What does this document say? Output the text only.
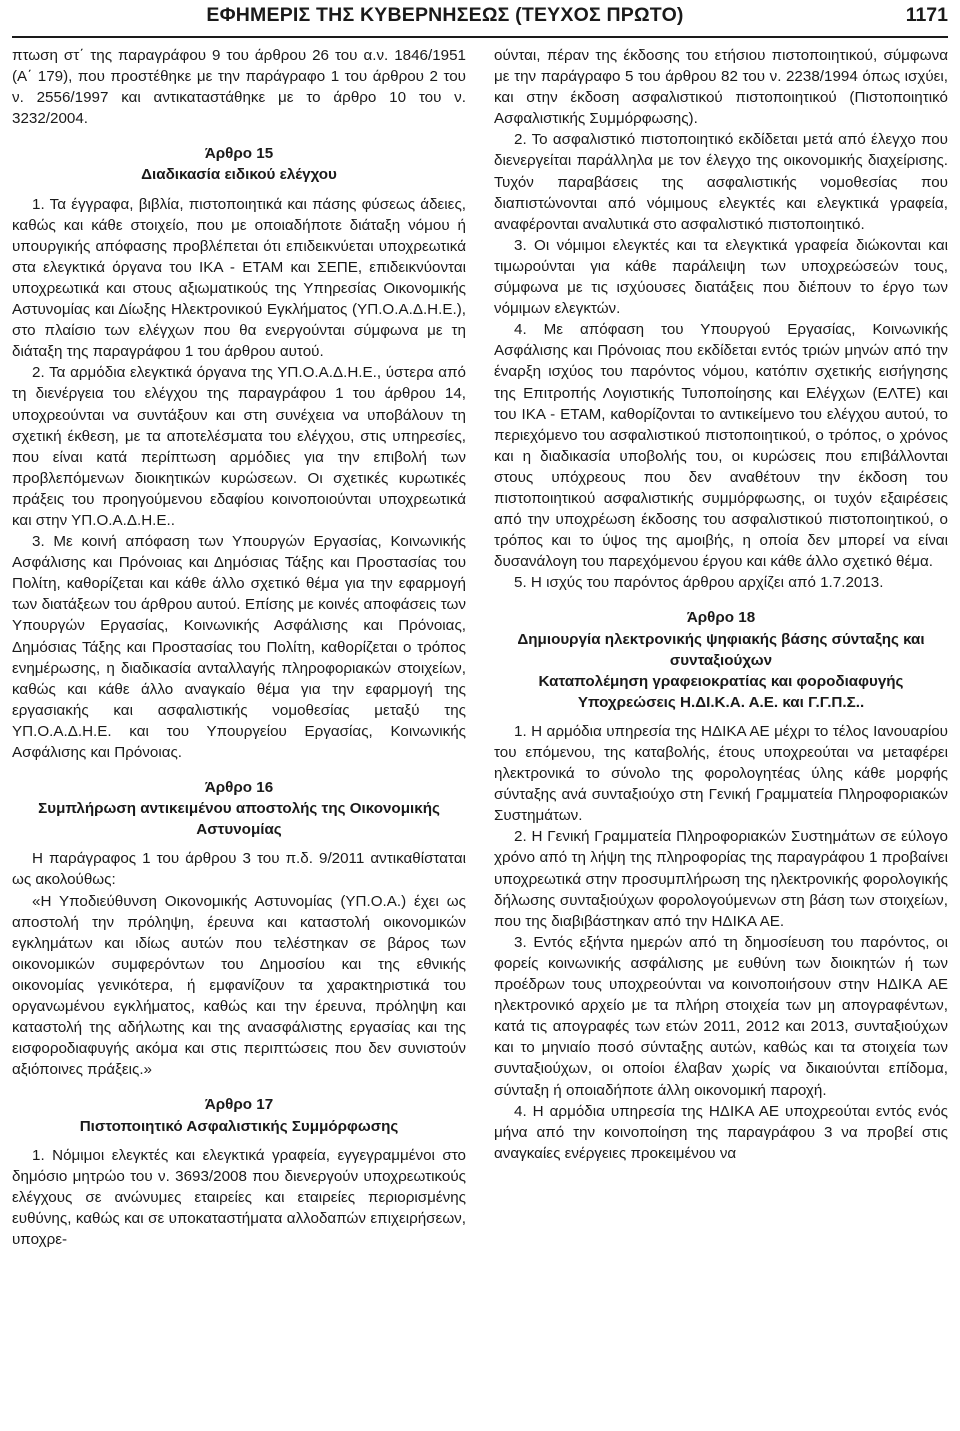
ΕΦΗΜΕΡΙΣ ΤΗΣ ΚΥΒΕΡΝΗΣΕΩΣ (ΤΕΥΧΟΣ ΠΡΩΤΟ)	1171

πτωση στ΄ της παραγράφου 9 του άρθρου 26 του α.ν. 1846/1951 (Α΄ 179), που προστέθηκε με την παράγραφο 1 του άρθρου 2 του ν. 2556/1997 και αντικαταστάθηκε με το άρθρο 10 του ν. 3232/2004.

Άρθρο 15
Διαδικασία ειδικού ελέγχου

1. Τα έγγραφα, βιβλία, πιστοποιητικά και πάσης φύσεως άδειες, καθώς και κάθε στοιχείο, που με οποιαδήποτε διάταξη νόμου ή υπουργικής απόφασης προβλέπεται ότι επιδεικνύεται υποχρεωτικά στα ελεγκτικά όργανα του ΙΚΑ - ΕΤΑΜ και ΣΕΠΕ, επιδεικνύονται υποχρεωτικά και στους αξιωματικούς της Υπηρεσίας Οικονομικής Αστυνομίας και Δίωξης Ηλεκτρονικού Εγκλήματος (ΥΠ.Ο.Α.Δ.Η.Ε.), στο πλαίσιο των ελέγχων που θα ενεργούνται σύμφωνα με τη διάταξη της παραγράφου 1 του άρθρου αυτού.

2. Τα αρμόδια ελεγκτικά όργανα της ΥΠ.Ο.Α.Δ.Η.Ε., ύστερα από τη διενέργεια του ελέγχου της παραγράφου 1 του άρθρου 14, υποχρεούνται να συντάξουν και στη συνέχεια να υποβάλουν τη σχετική έκθεση, με τα αποτελέσματα του ελέγχου, στις υπηρεσίες, που είναι κατά περίπτωση αρμόδιες για την επιβολή των προβλεπόμενων διοικητικών κυρώσεων. Οι σχετικές κυρωτικές πράξεις του προηγούμενου εδαφίου κοινοποιούνται υποχρεωτικά και στην ΥΠ.Ο.Α.Δ.Η.Ε..

3. Με κοινή απόφαση των Υπουργών Εργασίας, Κοινωνικής Ασφάλισης και Πρόνοιας και Δημόσιας Τάξης και Προστασίας του Πολίτη, καθορίζεται και κάθε άλλο σχετικό θέμα για την εφαρμογή των διατάξεων του άρθρου αυτού. Επίσης με κοινές αποφάσεις των Υπουργών Εργασίας, Κοινωνικής Ασφάλισης και Πρόνοιας, Δημόσιας Τάξης και Προστασίας του Πολίτη, καθορίζεται ο τρόπος ενημέρωσης, η διαδικασία ανταλλαγής πληροφοριακών στοιχείων, καθώς και κάθε άλλο αναγκαίο θέμα για την εφαρμογή της εργασιακής και ασφαλιστικής νομοθεσίας μεταξύ της ΥΠ.Ο.Α.Δ.Η.Ε. και του Υπουργείου Εργασίας, Κοινωνικής Ασφάλισης και Πρόνοιας.

Άρθρο 16
Συμπλήρωση αντικειμένου αποστολής της Οικονομικής Αστυνομίας

Η παράγραφος 1 του άρθρου 3 του π.δ. 9/2011 αντικαθίσταται ως ακολούθως:

«Η Υποδιεύθυνση Οικονομικής Αστυνομίας (ΥΠ.Ο.Α.) έχει ως αποστολή την πρόληψη, έρευνα και καταστολή οικονομικών εγκλημάτων και ιδίως αυτών που τελέστηκαν σε βάρος των οικονομικών συμφερόντων του Δημοσίου και της εθνικής οικονομίας γενικότερα, ή εμφανίζουν τα χαρακτηριστικά του οργανωμένου εγκλήματος, καθώς και την έρευνα, πρόληψη και καταστολή της αδήλωτης και της ανασφάλιστης εργασίας και της εισφοροδιαφυγής ακόμα και στις περιπτώσεις που δεν συνιστούν αξιόποινες πράξεις.»

Άρθρο 17
Πιστοποιητικό Ασφαλιστικής Συμμόρφωσης

1. Νόμιμοι ελεγκτές και ελεγκτικά γραφεία, εγγεγραμμένοι στο δημόσιο μητρώο του ν. 3693/2008 που διενεργούν υποχρεωτικούς ελέγχους σε ανώνυμες εταιρείες και εταιρείες περιορισμένης ευθύνης, καθώς και σε υποκαταστήματα αλλοδαπών επιχειρήσεων, υποχρε-

ούνται, πέραν της έκδοσης του ετήσιου πιστοποιητικού, σύμφωνα με την παράγραφο 5 του άρθρου 82 του ν. 2238/1994 όπως ισχύει, και στην έκδοση ασφαλιστικού πιστοποιητικού (Πιστοποιητικό Ασφαλιστικής Συμμόρφωσης).

2. Το ασφαλιστικό πιστοποιητικό εκδίδεται μετά από έλεγχο που διενεργείται παράλληλα με τον έλεγχο της οικονομικής διαχείρισης. Τυχόν παραβάσεις της ασφαλιστικής νομοθεσίας που διαπιστώνονται από νόμιμους ελεγκτές και ελεγκτικά γραφεία, αναφέρονται αναλυτικά στο ασφαλιστικό πιστοποιητικό.

3. Οι νόμιμοι ελεγκτές και τα ελεγκτικά γραφεία διώκονται και τιμωρούνται για κάθε παράλειψη των υποχρεώσεών τους, σύμφωνα με τις ισχύουσες διατάξεις που διέπουν το έργο των νόμιμων ελεγκτών.

4. Με απόφαση του Υπουργού Εργασίας, Κοινωνικής Ασφάλισης και Πρόνοιας που εκδίδεται εντός τριών μηνών από την έναρξη ισχύος του παρόντος νόμου, κατόπιν σχετικής εισήγησης της Επιτροπής Λογιστικής Τυποποίησης και Ελέγχων (ΕΛΤΕ) και του ΙΚΑ - ΕΤΑΜ, καθορίζονται το αντικείμενο του ελέγχου αυτού, το περιεχόμενο του ασφαλιστικού πιστοποιητικού, ο τρόπος, ο χρόνος και η διαδικασία υποβολής του, οι κυρώσεις που επιβάλλονται στους υπόχρεους που δεν αναθέτουν την έκδοση του πιστοποιητικού ασφαλιστικής συμμόρφωσης, οι τυχόν εξαιρέσεις από την υποχρέωση έκδοσης του ασφαλιστικού πιστοποιητικού, ο τρόπος και το ύψος της αμοιβής, η οποία δεν μπορεί να είναι δυσανάλογη του παρεχόμενου έργου και κάθε άλλο σχετικό θέμα.

5. Η ισχύς του παρόντος άρθρου αρχίζει από 1.7.2013.

Άρθρο 18
Δημιουργία ηλεκτρονικής ψηφιακής βάσης σύνταξης και συνταξιούχων
Καταπολέμηση γραφειοκρατίας και φοροδιαφυγής
Υποχρεώσεις Η.ΔΙ.Κ.Α. Α.Ε. και Γ.Γ.Π.Σ..

1. Η αρμόδια υπηρεσία της ΗΔΙΚΑ ΑΕ μέχρι το τέλος Ιανουαρίου του επόμενου, της καταβολής, έτους υποχρεούται να μεταφέρει ηλεκτρονικά το σύνολο της φορολογητέας ύλης κάθε μορφής σύνταξης ανά συνταξιούχο στη Γενική Γραμματεία Πληροφοριακών Συστημάτων.

2. Η Γενική Γραμματεία Πληροφοριακών Συστημάτων σε εύλογο χρόνο από τη λήψη της πληροφορίας της παραγράφου 1 προβαίνει υποχρεωτικά στην προσυμπλήρωση της ηλεκτρονικής φορολογικής δήλωσης συνταξιούχων φορολογούμενων στη βάση των στοιχείων, που της διαβιβάστηκαν από την ΗΔΙΚΑ ΑΕ.

3. Εντός εξήντα ημερών από τη δημοσίευση του παρόντος, οι φορείς κοινωνικής ασφάλισης με ευθύνη των διοικητών ή των προέδρων τους υποχρεούνται να κοινοποιήσουν στην ΗΔΙΚΑ ΑΕ ηλεκτρονικό αρχείο με τα πλήρη στοιχεία των μη απογραφέντων, κατά τις απογραφές των ετών 2011, 2012 και 2013, συνταξιούχων και το μηνιαίο ποσό σύνταξης αυτών, καθώς και τα στοιχεία των συνταξιούχων, οι οποίοι έλαβαν χωρίς να δικαιούνται επίδομα, σύνταξη ή οποιαδήποτε άλλη οικονομική παροχή.

4. Η αρμόδια υπηρεσία της ΗΔΙΚΑ ΑΕ υποχρεούται εντός ενός μήνα από την κοινοποίηση της παραγράφου 3 να προβεί στις αναγκαίες ενέργειες προκειμένου να
